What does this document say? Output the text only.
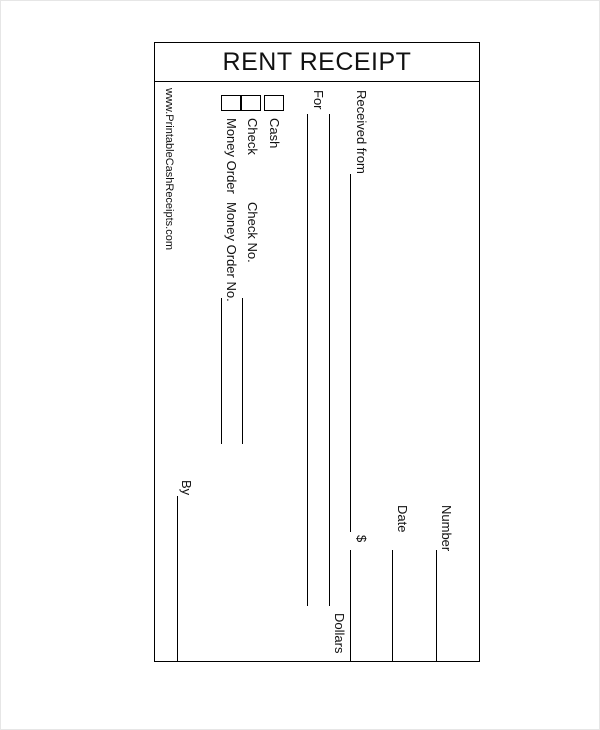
RENT RECEIPT
www.PrintableCashReceipts.com	Money Order Check Cash
Money Order No. Check No.
For Received from
$
Dollars
Date Number
By
